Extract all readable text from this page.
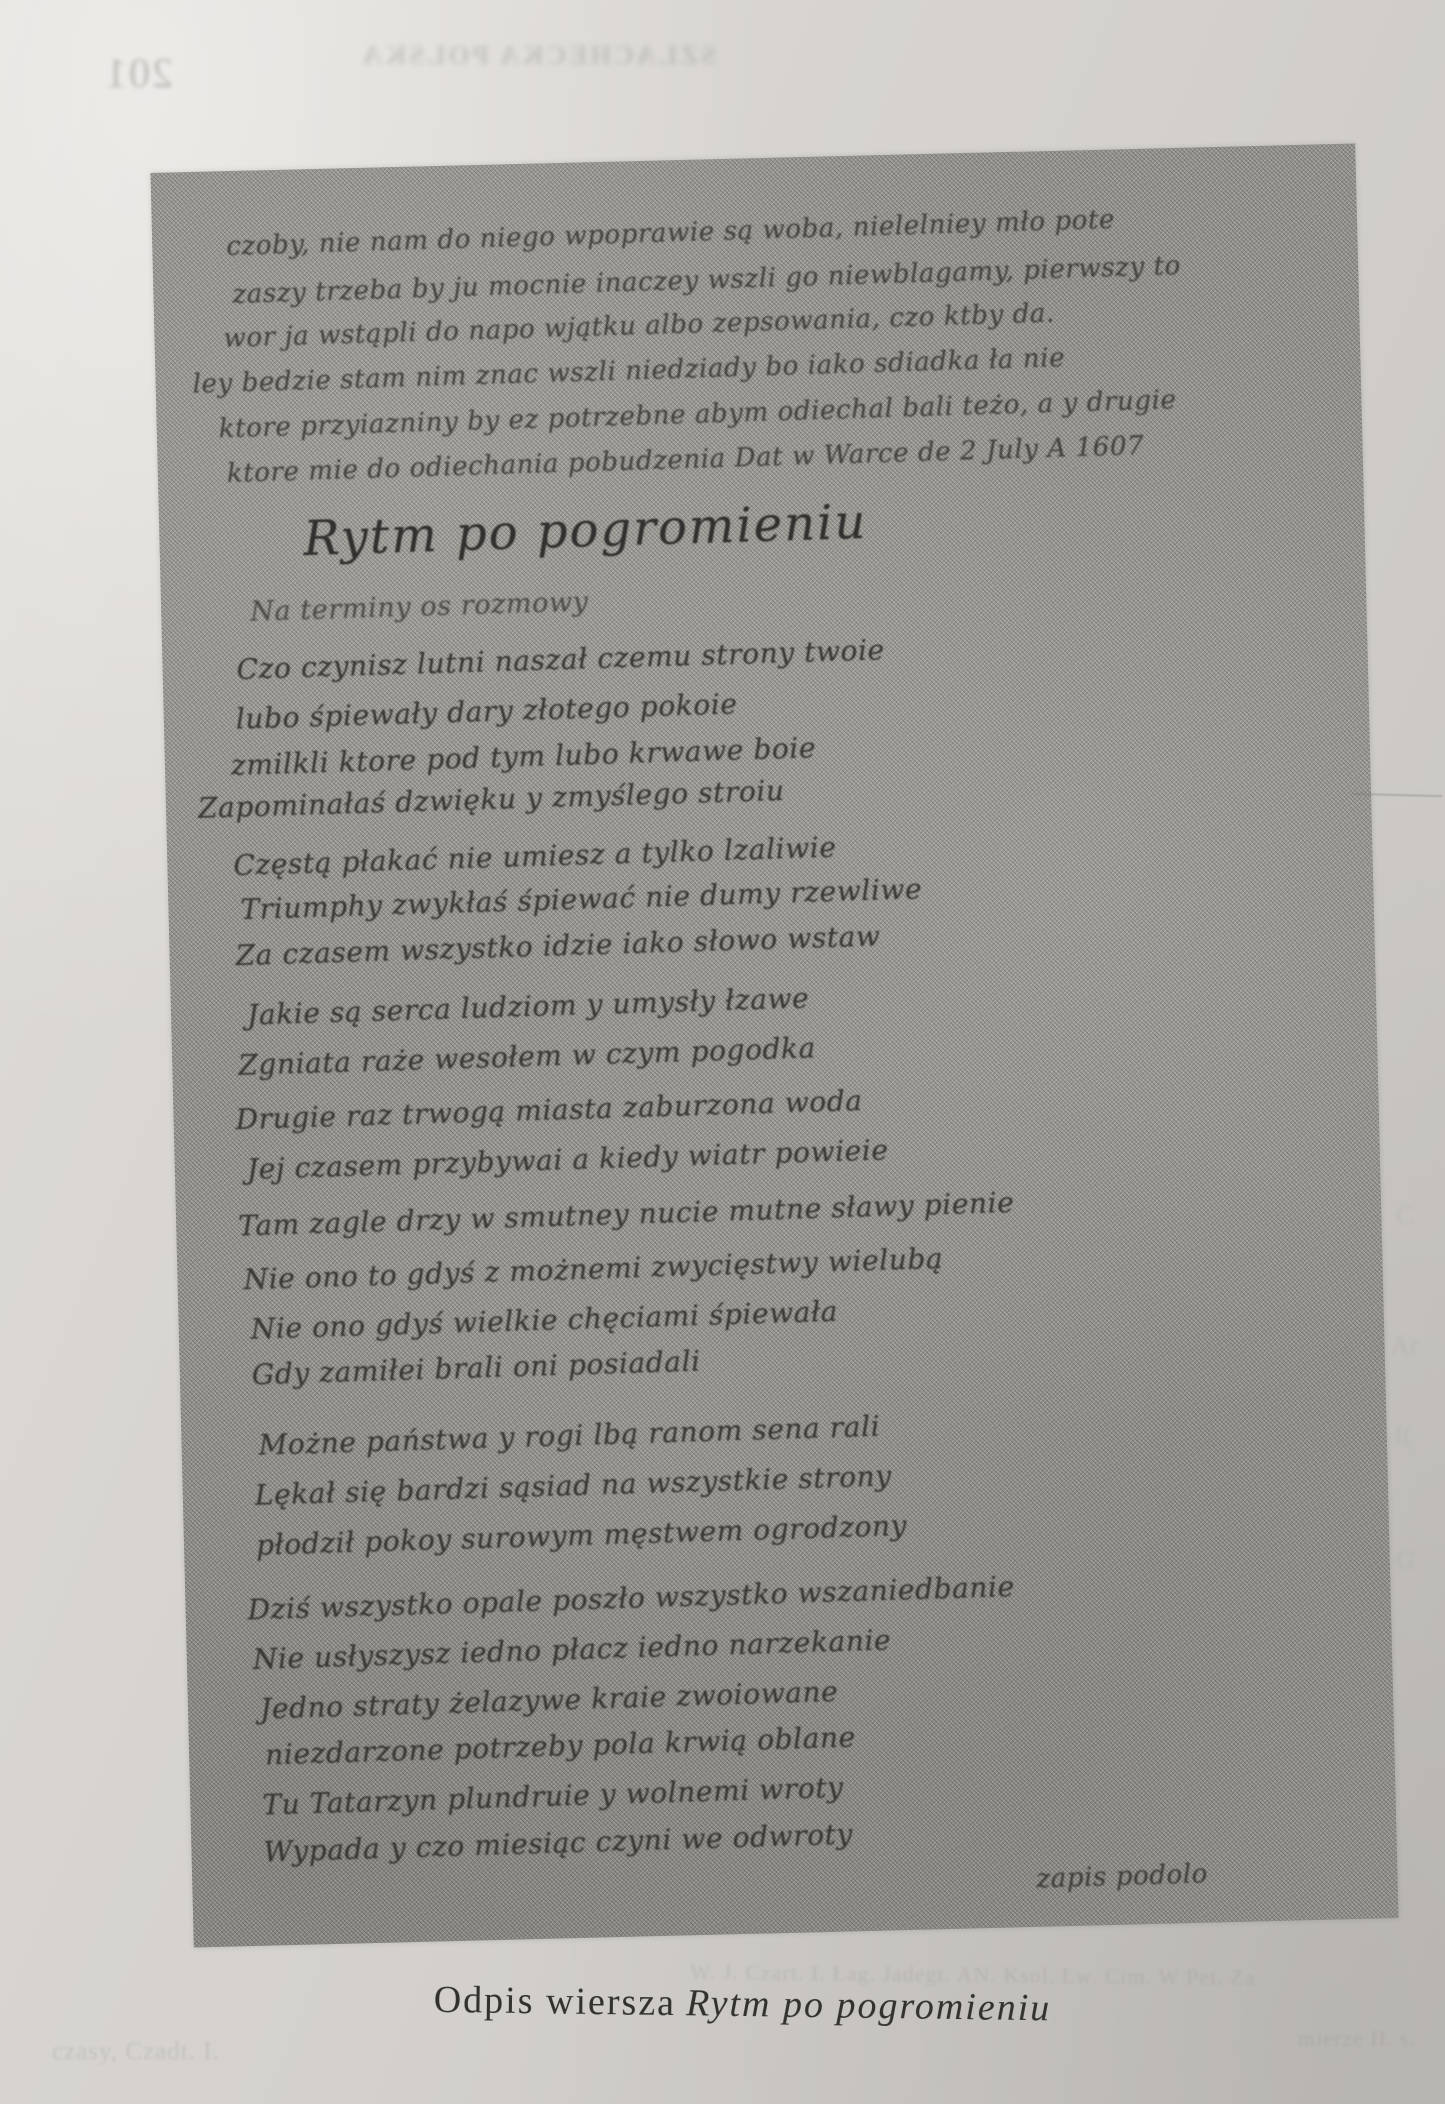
201	SZLACHECKA POLSKA
czoby, nie nam do niego wpoprawie są woba, nielelniey mło pote
zaszy trzeba by ju mocnie inaczey wszli go niewblagamy, pierwszy to
wor ja wstąpli do napo wjątku albo zepsowania, czo ktby da.
ley bedzie stam nim znac wszli niedziady bo iako sdiadka ła nie
ktore przyiazniny by ez potrzebne abym odiechal bali teżo, a y drugie
ktore mie do odiechania pobudzenia Dat w Warce de 2 July A 1607
Rytm po pogromieniu
Na terminy os rozmowy
Czo czynisz lutni naszał czemu strony twoie
lubo śpiewały dary złotego pokoie
zmilkli ktore pod tym lubo krwawe boie
Zapominałaś dzwięku y zmyślego stroiu
Częstą płakać nie umiesz a tylko lzaliwie
Triumphy zwykłaś śpiewać nie dumy rzewliwe
Za czasem wszystko idzie iako słowo wstaw
Jakie są serca ludziom y umysły łzawe
Zgniata raże wesołem w czym pogodka
Drugie raz trwogą miasta zaburzona woda
Jej czasem przybywai a kiedy wiatr powieie
Tam zagle drzy w smutney nucie mutne sławy pienie
Nie ono to gdyś z możnemi zwycięstwy wielubą
Nie ono gdyś wielkie chęciami śpiewała
Gdy zamiłei brali oni posiadali
Możne państwa y rogi lbą ranom sena rali
Lękał się bardzi sąsiad na wszystkie strony
płodził pokoy surowym męstwem ogrodzony
Dziś wszystko opale poszło wszystko wszaniedbanie
Nie usłyszysz iedno płacz iedno narzekanie
Jedno straty żelazywe kraie zwoiowane
niezdarzone potrzeby pola krwią oblane
Tu Tatarzyn plundruie y wolnemi wroty
Wypada y czo miesiąc czyni we odwroty
zapis podolo
C
Ar
I(
G
W. J. Czart. I. Łag. Jadegt. AN. Ksol. Lw. Cim. W Pet. Za
czasy, Czadt. I.	mierze II. s.
Odpis wiersza Rytm po pogromieniu
